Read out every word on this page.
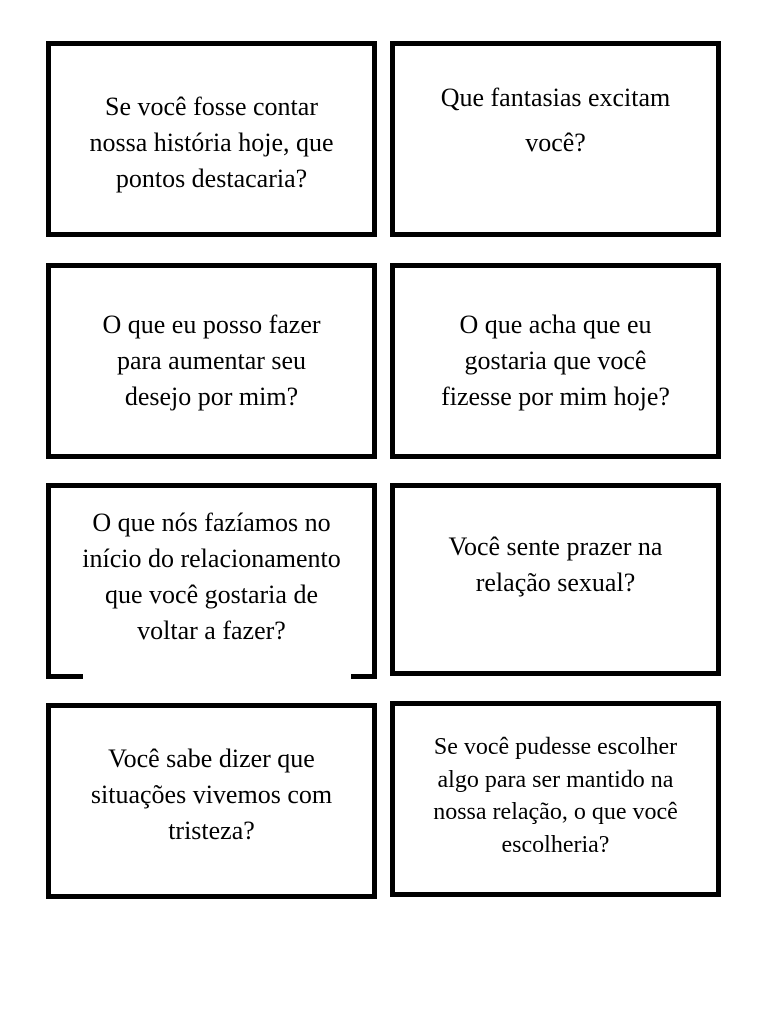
Se você fosse contar nossa história hoje, que pontos destacaria?

Que fantasias excitam você?

O que eu posso fazer para aumentar seu desejo por mim?

O que acha que eu gostaria que você fizesse por mim hoje?

O que nós fazíamos no início do relacionamento que você gostaria de voltar a fazer?

Você sente prazer na relação sexual?

Você sabe dizer que situações vivemos com tristeza?

Se você pudesse escolher algo para ser mantido na nossa relação, o que você escolheria?
